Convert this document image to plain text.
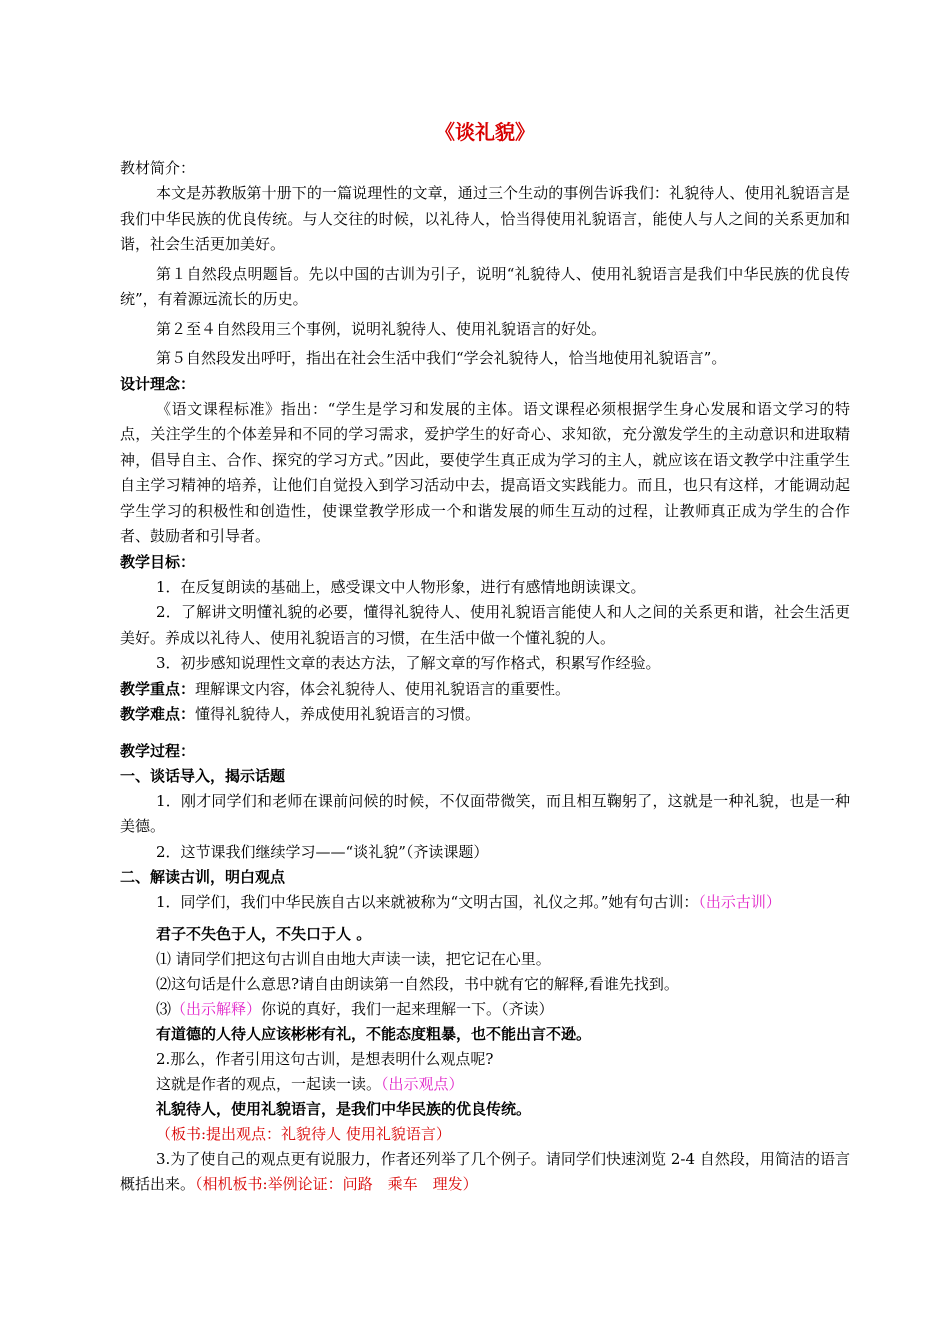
《谈礼貌》
教材简介：
本文是苏教版第十册下的一篇说理性的文章，通过三个生动的事例告诉我们：礼貌待人、使用礼貌语言是我们中华民族的优良传统。与人交往的时候，以礼待人，恰当得使用礼貌语言，能使人与人之间的关系更加和谐，社会生活更加美好。
第１自然段点明题旨。先以中国的古训为引子，说明“礼貌待人、使用礼貌语言是我们中华民族的优良传统”，有着源远流长的历史。
第２至４自然段用三个事例，说明礼貌待人、使用礼貌语言的好处。
第５自然段发出呼吁，指出在社会生活中我们“学会礼貌待人，恰当地使用礼貌语言”。
设计理念：
《语文课程标准》指出：“学生是学习和发展的主体。语文课程必须根据学生身心发展和语文学习的特点，关注学生的个体差异和不同的学习需求，爱护学生的好奇心、求知欲，充分激发学生的主动意识和进取精神，倡导自主、合作、探究的学习方式。”因此，要使学生真正成为学习的主人，就应该在语文教学中注重学生自主学习精神的培养，让他们自觉投入到学习活动中去，提高语文实践能力。而且，也只有这样，才能调动起学生学习的积极性和创造性，使课堂教学形成一个和谐发展的师生互动的过程，让教师真正成为学生的合作者、鼓励者和引导者。
教学目标：
1．在反复朗读的基础上，感受课文中人物形象，进行有感情地朗读课文。
2．了解讲文明懂礼貌的必要，懂得礼貌待人、使用礼貌语言能使人和人之间的关系更和谐，社会生活更美好。养成以礼待人、使用礼貌语言的习惯，在生活中做一个懂礼貌的人。
3．初步感知说理性文章的表达方法，了解文章的写作格式，积累写作经验。
教学重点：理解课文内容，体会礼貌待人、使用礼貌语言的重要性。
教学难点：懂得礼貌待人，养成使用礼貌语言的习惯。
教学过程：
一、谈话导入，揭示话题
1．刚才同学们和老师在课前问候的时候，不仅面带微笑，而且相互鞠躬了，这就是一种礼貌，也是一种美德。
2．这节课我们继续学习——“谈礼貌”（齐读课题）
二、解读古训，明白观点
1．同学们，我们中华民族自古以来就被称为“文明古国，礼仪之邦。”她有句古训：（出示古训）
君子不失色于人，不失口于人 。
⑴ 请同学们把这句古训自由地大声读一读，把它记在心里。
⑵这句话是什么意思?请自由朗读第一自然段，书中就有它的解释,看谁先找到。
⑶（出示解释）你说的真好，我们一起来理解一下。（齐读）
有道德的人待人应该彬彬有礼，不能态度粗暴，也不能出言不逊。
2.那么，作者引用这句古训，是想表明什么观点呢?
这就是作者的观点，一起读一读。（出示观点）
礼貌待人，使用礼貌语言，是我们中华民族的优良传统。
（板书:提出观点：礼貌待人 使用礼貌语言）
3.为了使自己的观点更有说服力，作者还列举了几个例子。请同学们快速浏览 2-4 自然段，用简洁的语言概括出来。（相机板书:举例论证：问路　乘车　理发）
